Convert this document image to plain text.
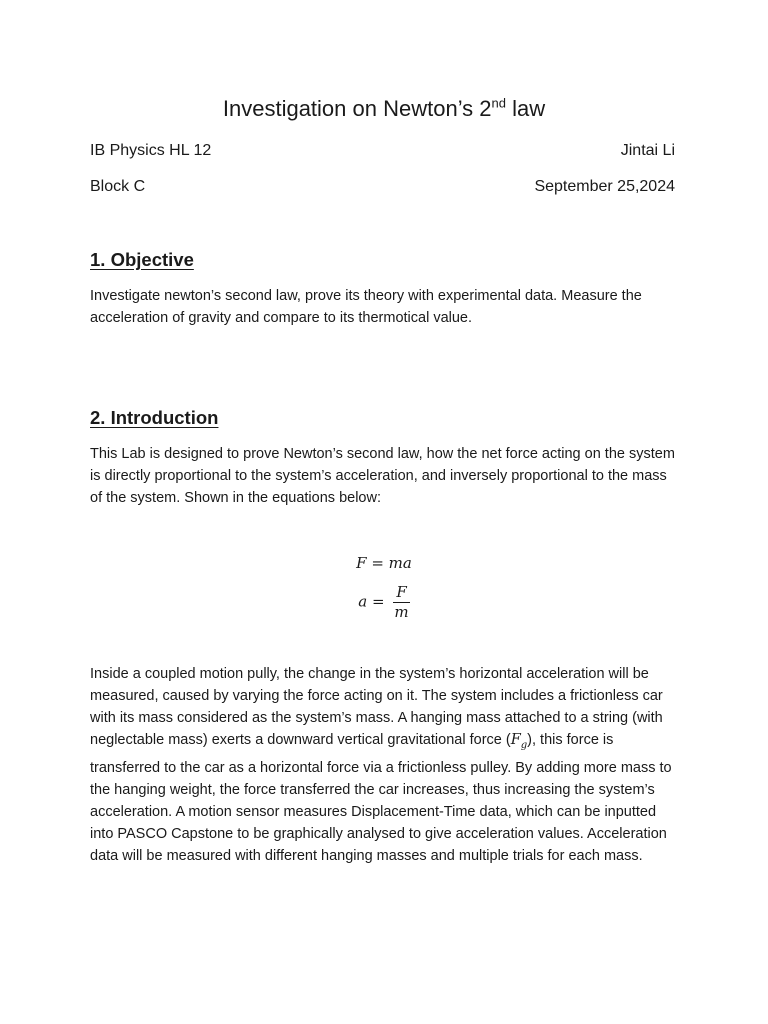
Investigation on Newton’s 2nd law
IB Physics HL 12	Jintai Li
Block C	September 25,2024
1. Objective
Investigate newton’s second law, prove its theory with experimental data. Measure the
acceleration of gravity and compare to its thermotical value.
2. Introduction
This Lab is designed to prove Newton’s second law, how the net force acting on the system
is directly proportional to the system’s acceleration, and inversely proportional to the mass
of the system. Shown in the equations below:
F = ma
$a = \frac{F}{m}$
Inside a coupled motion pully, the change in the system’s horizontal acceleration will be
measured, caused by varying the force acting on it. The system includes a frictionless car
with its mass considered as the system’s mass. A hanging mass attached to a string (with
neglectable mass) exerts a downward vertical gravitational force $(F_g)$, this force is
transferred to the car as a horizontal force via a frictionless pulley. By adding more mass to
the hanging weight, the force transferred the car increases, thus increasing the system’s
acceleration. A motion sensor measures Displacement-Time data, which can be inputted
into PASCO Capstone to be graphically analysed to give acceleration values. Acceleration
data will be measured with different hanging masses and multiple trials for each mass.
